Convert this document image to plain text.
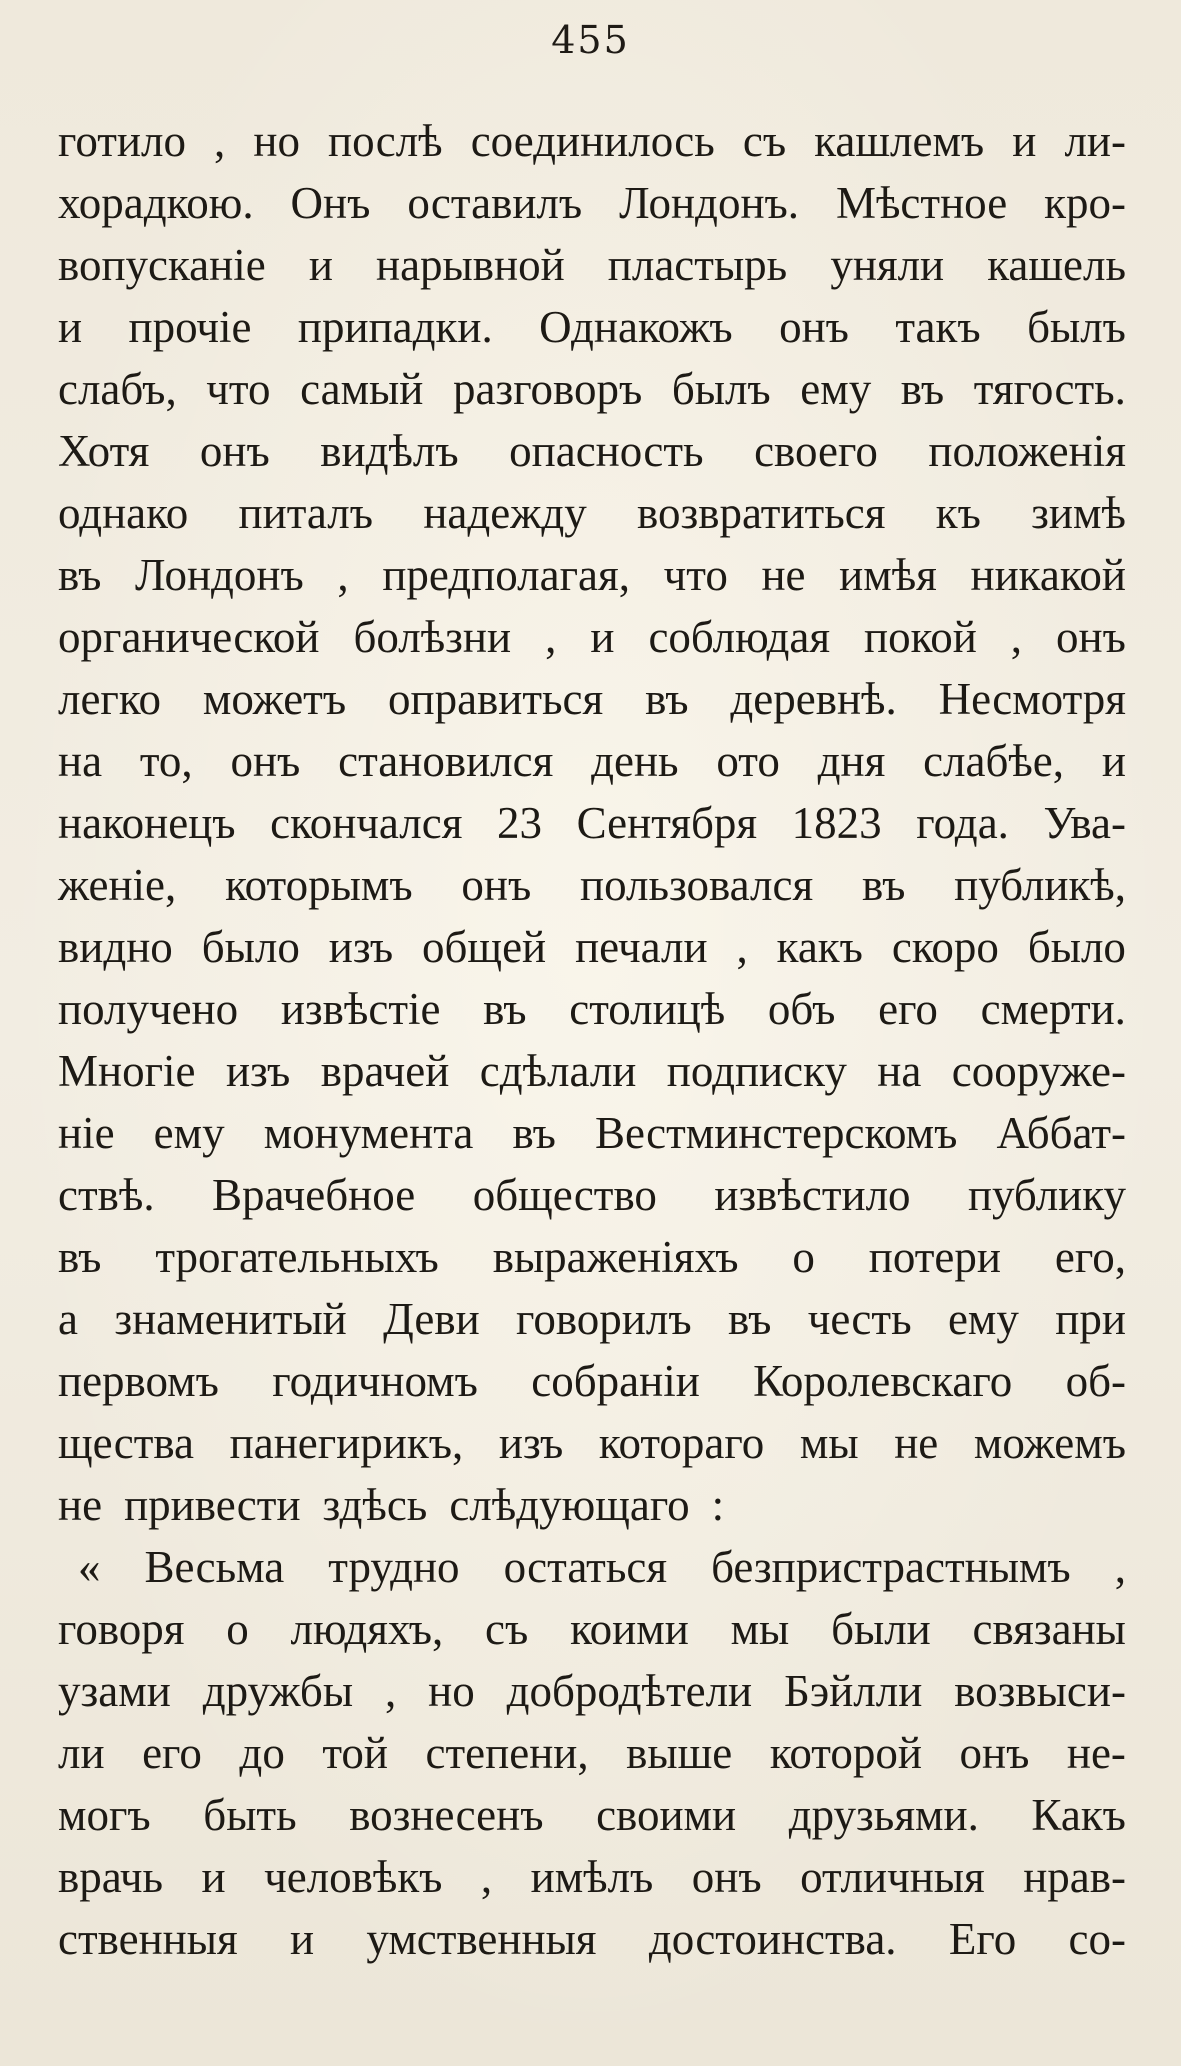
455
готило , но послѣ соединилось съ кашлемъ и ли-
хорадкою. Онъ оставилъ Лондонъ. Мѣстное кро-
вопусканіе и нарывной пластырь уняли кашель
и прочіе припадки. Однакожъ онъ такъ былъ
слабъ, что самый разговоръ былъ ему въ тягость.
Хотя онъ видѣлъ опасность своего положенія
однако питалъ надежду возвратиться къ зимѣ
въ Лондонъ , предполагая, что не имѣя никакой
органической болѣзни , и соблюдая покой , онъ
легко можетъ оправиться въ деревнѣ. Несмотря
на то, онъ становился день ото дня слабѣе, и
наконецъ скончался 23 Сентября 1823 года. Ува-
женіе, которымъ онъ пользовался въ публикѣ,
видно было изъ общей печали , какъ скоро было
получено извѣстіе въ столицѣ объ его смерти.
Многіе изъ врачей сдѣлали подписку на сооруже-
ніе ему монумента въ Вестминстерскомъ Аббат-
ствѣ. Врачебное общество извѣстило публику
въ трогательныхъ выраженіяхъ о потери его,
а знаменитый Деви говорилъ въ честь ему при
первомъ годичномъ собраніи Королевскаго об-
щества панегирикъ, изъ котораго мы не можемъ
не привести здѣсь слѣдующаго :
« Весьма трудно остаться безпристрастнымъ ,
говоря о людяхъ, съ коими мы были связаны
узами дружбы , но добродѣтели Бэйлли возвыси-
ли его до той степени, выше которой онъ не-
могъ быть вознесенъ своими друзьями. Какъ
врачь и человѣкъ , имѣлъ онъ отличныя нрав-
ственныя и умственныя достоинства. Его со-
